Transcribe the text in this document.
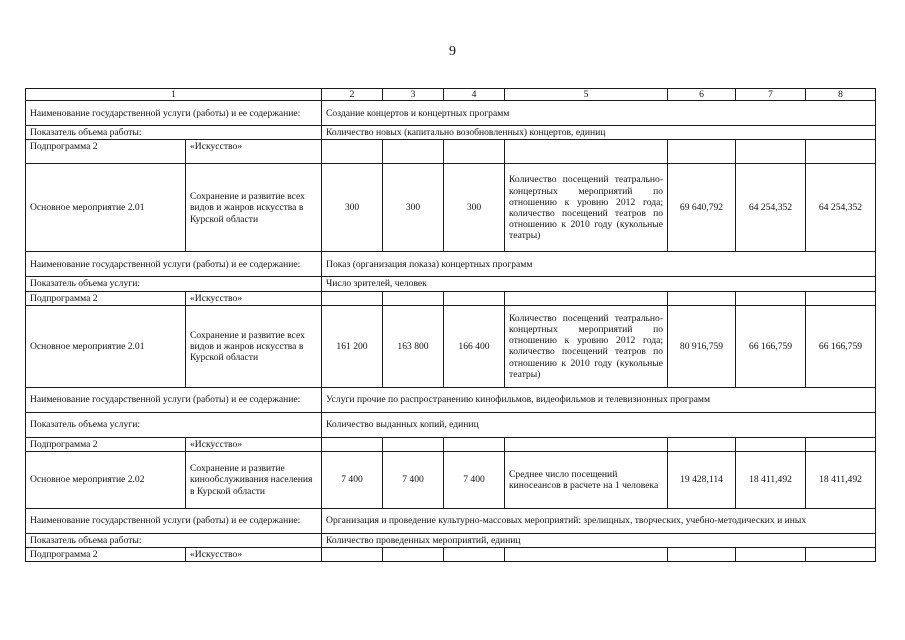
9
1		2	3	4	5	6	7	8
Наименование государственной услуги (работы) и ее содержание:		Создание концертов и концертных программ						
Показатель объема работы:		Количество новых (капитально возобновленных) концертов, единиц						
Подпрограмма 2	«Искусство»							
Основное мероприятие 2.01	Сохранение и развитие всех видов и жанров искусства в Курской области	300	300	300	Количество посещений театрально-концертных мероприятий по отношению к уровню 2012 года; количество посещений театров по отношению к 2010 году (кукольные театры)	69 640,792	64 254,352	64 254,352
Наименование государственной услуги (работы) и ее содержание:		Показ (организация показа) концертных программ						
Показатель объема услуги:		Число зрителей, человек						
Подпрограмма 2	«Искусство»							
Основное мероприятие 2.01	Сохранение и развитие всех видов и жанров искусства в Курской области	161 200	163 800	166 400	Количество посещений театрально-концертных мероприятий по отношению к уровню 2012 года; количество посещений театров по отношению к 2010 году (кукольные театры)	80 916,759	66 166,759	66 166,759
Наименование государственной услуги (работы) и ее содержание:		Услуги прочие по распространению кинофильмов, видеофильмов и телевизионных программ						
Показатель объема услуги:		Количество выданных копий, единиц						
Подпрограмма 2	«Искусство»							
Основное мероприятие 2.02	Сохранение и развитие кинообслуживания населения в Курской области	7 400	7 400	7 400	Среднее число посещений киносеансов в расчете на 1 человека	19 428,114	18 411,492	18 411,492
Наименование государственной услуги (работы) и ее содержание:		Организация и проведение культурно-массовых мероприятий: зрелищных, творческих, учебно-методических и иных						
Показатель объема работы:		Количество проведенных мероприятий, единиц						
Подпрограмма 2	«Искусство»							
